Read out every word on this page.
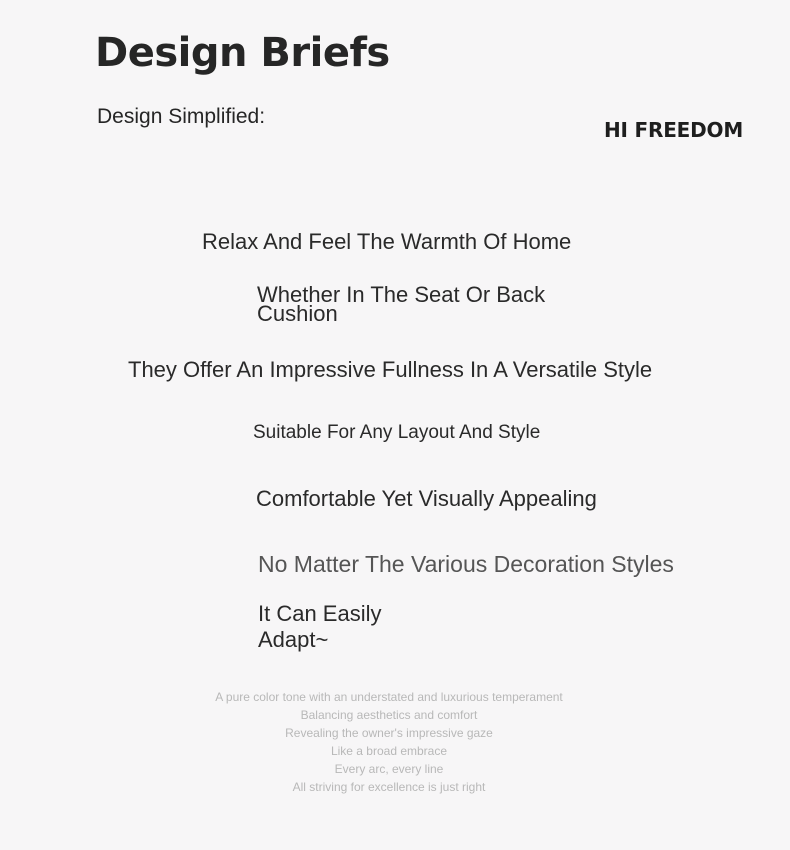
Design Briefs
Design Simplified:
HI FREEDOM
Relax And Feel The Warmth Of Home
Whether In The Seat Or Back Cushion
They Offer An Impressive Fullness In A Versatile Style
Suitable For Any Layout And Style
Comfortable Yet Visually Appealing
No Matter The Various Decoration Styles
It Can Easily Adapt~
A pure color tone with an understated and luxurious temperament
Balancing aesthetics and comfort
Revealing the owner's impressive gaze
Like a broad embrace
Every arc, every line
All striving for excellence is just right
